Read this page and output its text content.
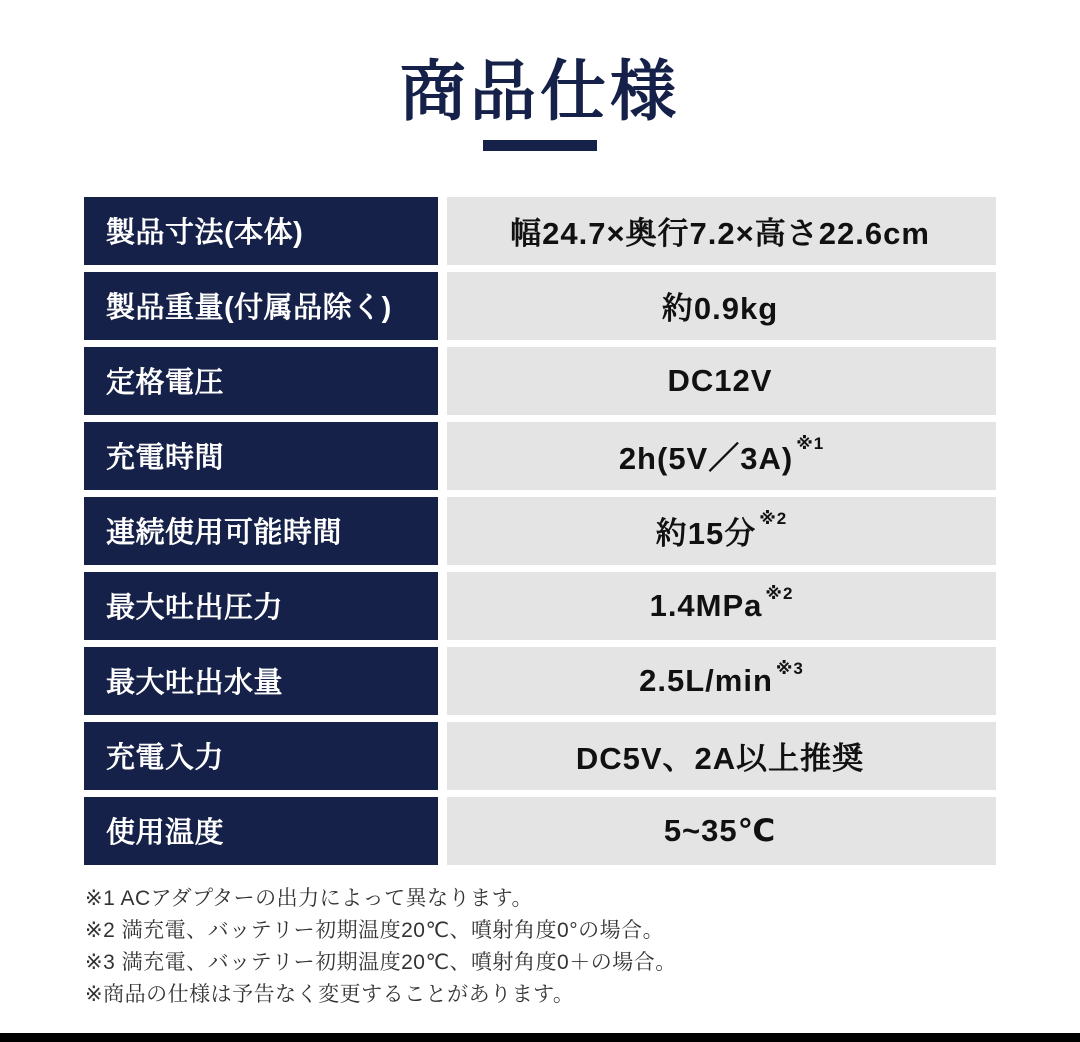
商品仕様
製品寸法(本体)	幅24.7×奥行7.2×高さ22.6cm
製品重量(付属品除く)	約0.9kg
定格電圧	DC12V
充電時間	2h(5V／3A)$^{※1}$
連続使用可能時間	約15分$^{※2}$
最大吐出圧力	1.4MPa$^{※2}$
最大吐出水量	$2.5L/\min^{※3}$
充電入力	DC5V、2A以上推奨
使用温度	5~35℃
※1 ACアダプターの出力によって異なります。
※2 満充電、バッテリー初期温度20℃、噴射角度0°の場合。
※3 満充電、バッテリー初期温度20℃、噴射角度0＋の場合。
※商品の仕様は予告なく変更することがあります。
